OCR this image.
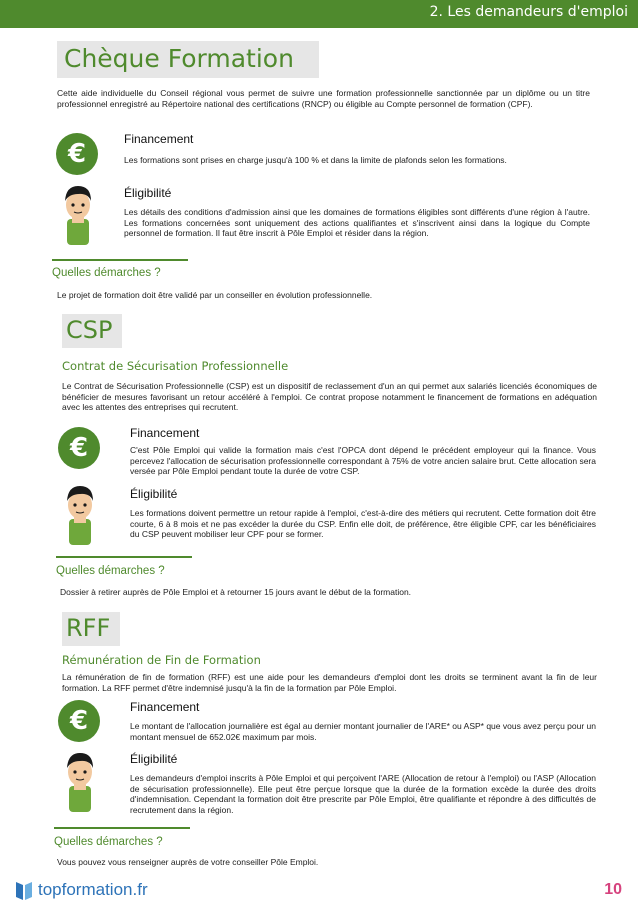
2. Les demandeurs d'emploi
Chèque Formation

Cette aide individuelle du Conseil régional vous permet de suivre une formation professionnelle sanctionnée par un diplôme ou un titre professionnel enregistré au Répertoire national des certifications (RNCP) ou éligible au Compte personnel de formation (CPF).

€	Financement

Les formations sont prises en charge jusqu'à 100 % et dans la limite de plafonds selon les formations.

Éligibilité

Les détails des conditions d'admission ainsi que les domaines de formations éligibles sont différents d'une région à l'autre. Les formations concernées sont uniquement des actions qualifiantes et s'inscrivent ainsi dans la logique du Compte personnel de formation. Il faut être inscrit à Pôle Emploi et résider dans la région.

Quelles démarches ?

Le projet de formation doit être validé par un conseiller en évolution professionnelle.

CSP
Contrat de Sécurisation Professionnelle

Le Contrat de Sécurisation Professionnelle (CSP) est un dispositif de reclassement d'un an qui permet aux salariés licenciés économiques de bénéficier de mesures favorisant un retour accéléré à l'emploi. Ce contrat propose notamment le financement de formations en adéquation avec les attentes des entreprises qui recrutent.

€	Financement

C'est Pôle Emploi qui valide la formation mais c'est l'OPCA dont dépend le précédent employeur qui la finance. Vous percevez l'allocation de sécurisation professionnelle correspondant à 75% de votre ancien salaire brut. Cette allocation sera versée par Pôle Emploi pendant toute la durée de votre CSP.

Éligibilité

Les formations doivent permettre un retour rapide à l'emploi, c'est-à-dire des métiers qui recrutent. Cette formation doit être courte, 6 à 8 mois et ne pas excéder la durée du CSP. Enfin elle doit, de préférence, être éligible CPF, car les bénéficiaires du CSP peuvent mobiliser leur CPF pour se former.

Quelles démarches ?

Dossier à retirer auprès de Pôle Emploi et à retourner 15 jours avant le début de la formation.

RFF
Rémunération de Fin de Formation

La rémunération de fin de formation (RFF) est une aide pour les demandeurs d'emploi dont les droits se terminent avant la fin de leur formation. La RFF permet d'être indemnisé jusqu'à la fin de la formation par Pôle Emploi.

€	Financement

Le montant de l'allocation journalière est égal au dernier montant journalier de l'ARE* ou ASP* que vous avez perçu pour un montant mensuel de 652.02€ maximum par mois.

Éligibilité

Les demandeurs d'emploi inscrits à Pôle Emploi et qui perçoivent l'ARE (Allocation de retour à l'emploi) ou l'ASP (Allocation de sécurisation professionnelle). Elle peut être perçue lorsque que la durée de la formation excède la durée des droits d'indemnisation. Cependant la formation doit être prescrite par Pôle Emploi, être qualifiante et répondre à des difficultés de recrutement dans la région.

Quelles démarches ?

Vous pouvez vous renseigner auprès de votre conseiller Pôle Emploi.

topformation.fr	10
